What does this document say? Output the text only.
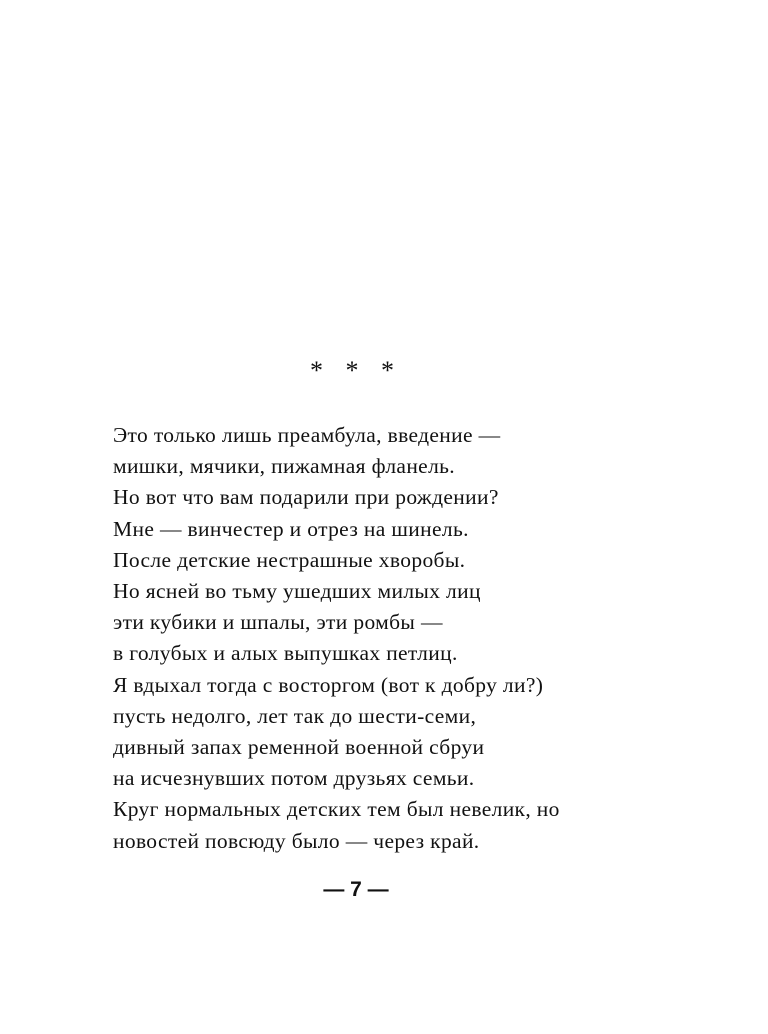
* * *
Это только лишь преамбула, введение —
мишки, мячики, пижамная фланель.
Но вот что вам подарили при рождении?
Мне — винчестер и отрез на шинель.
После детские нестрашные хворобы.
Но ясней во тьму ушедших милых лиц
эти кубики и шпалы, эти ромбы —
в голубых и алых выпушках петлиц.
Я вдыхал тогда с восторгом (вот к добру ли?)
пусть недолго, лет так до шести-семи,
дивный запах ременной военной сбруи
на исчезнувших потом друзьях семьи.
Круг нормальных детских тем был невелик, но
новостей повсюду было — через край.
— 7 —
